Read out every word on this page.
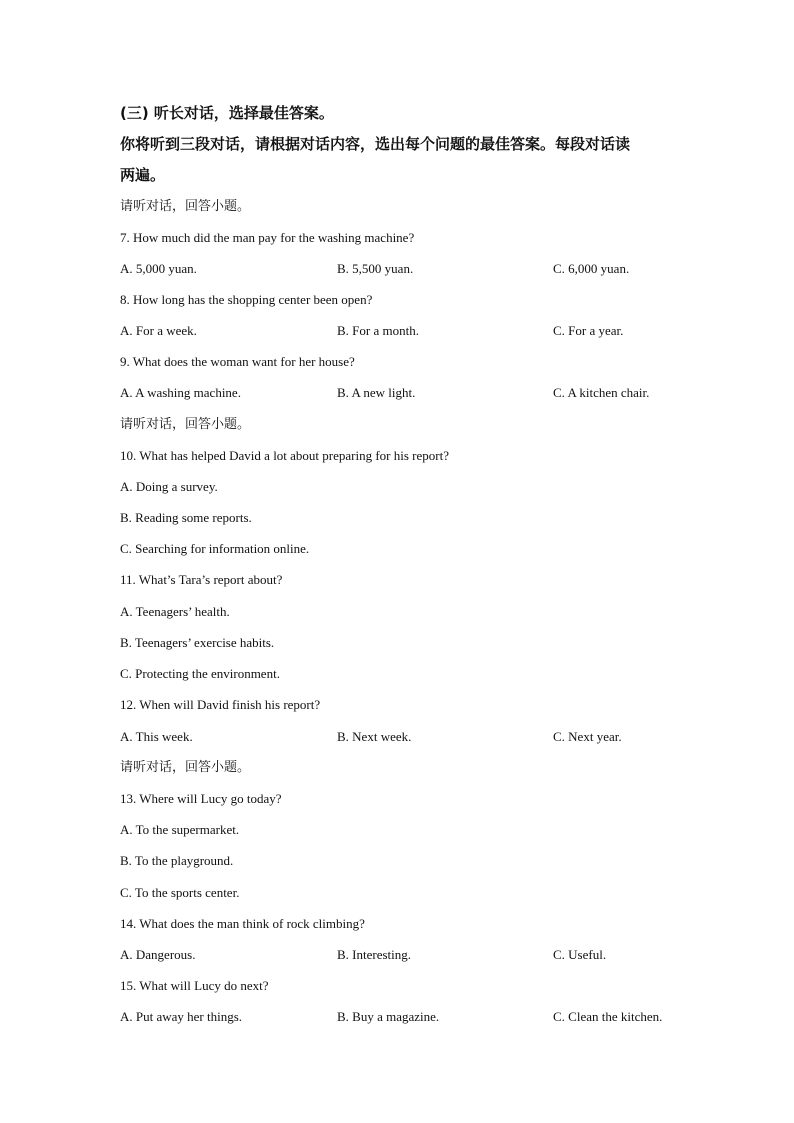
(三) 听长对话，选择最佳答案。
你将听到三段对话，请根据对话内容，选出每个问题的最佳答案。每段对话读
两遍。
请听对话，回答小题。
7. How much did the man pay for the washing machine?
A. 5,000 yuan.	B. 5,500 yuan.	C. 6,000 yuan.
8. How long has the shopping center been open?
A. For a week.	B. For a month.	C. For a year.
9. What does the woman want for her house?
A. A washing machine.	B. A new light.	C. A kitchen chair.
请听对话，回答小题。
10. What has helped David a lot about preparing for his report?
A. Doing a survey.
B. Reading some reports.
C. Searching for information online.
11. What’s Tara’s report about?
A. Teenagers’ health.
B. Teenagers’ exercise habits.
C. Protecting the environment.
12. When will David finish his report?
A. This week.	B. Next week.	C. Next year.
请听对话，回答小题。
13. Where will Lucy go today?
A. To the supermarket.
B. To the playground.
C. To the sports center.
14. What does the man think of rock climbing?
A. Dangerous.	B. Interesting.	C. Useful.
15. What will Lucy do next?
A. Put away her things.	B. Buy a magazine.	C. Clean the kitchen.
